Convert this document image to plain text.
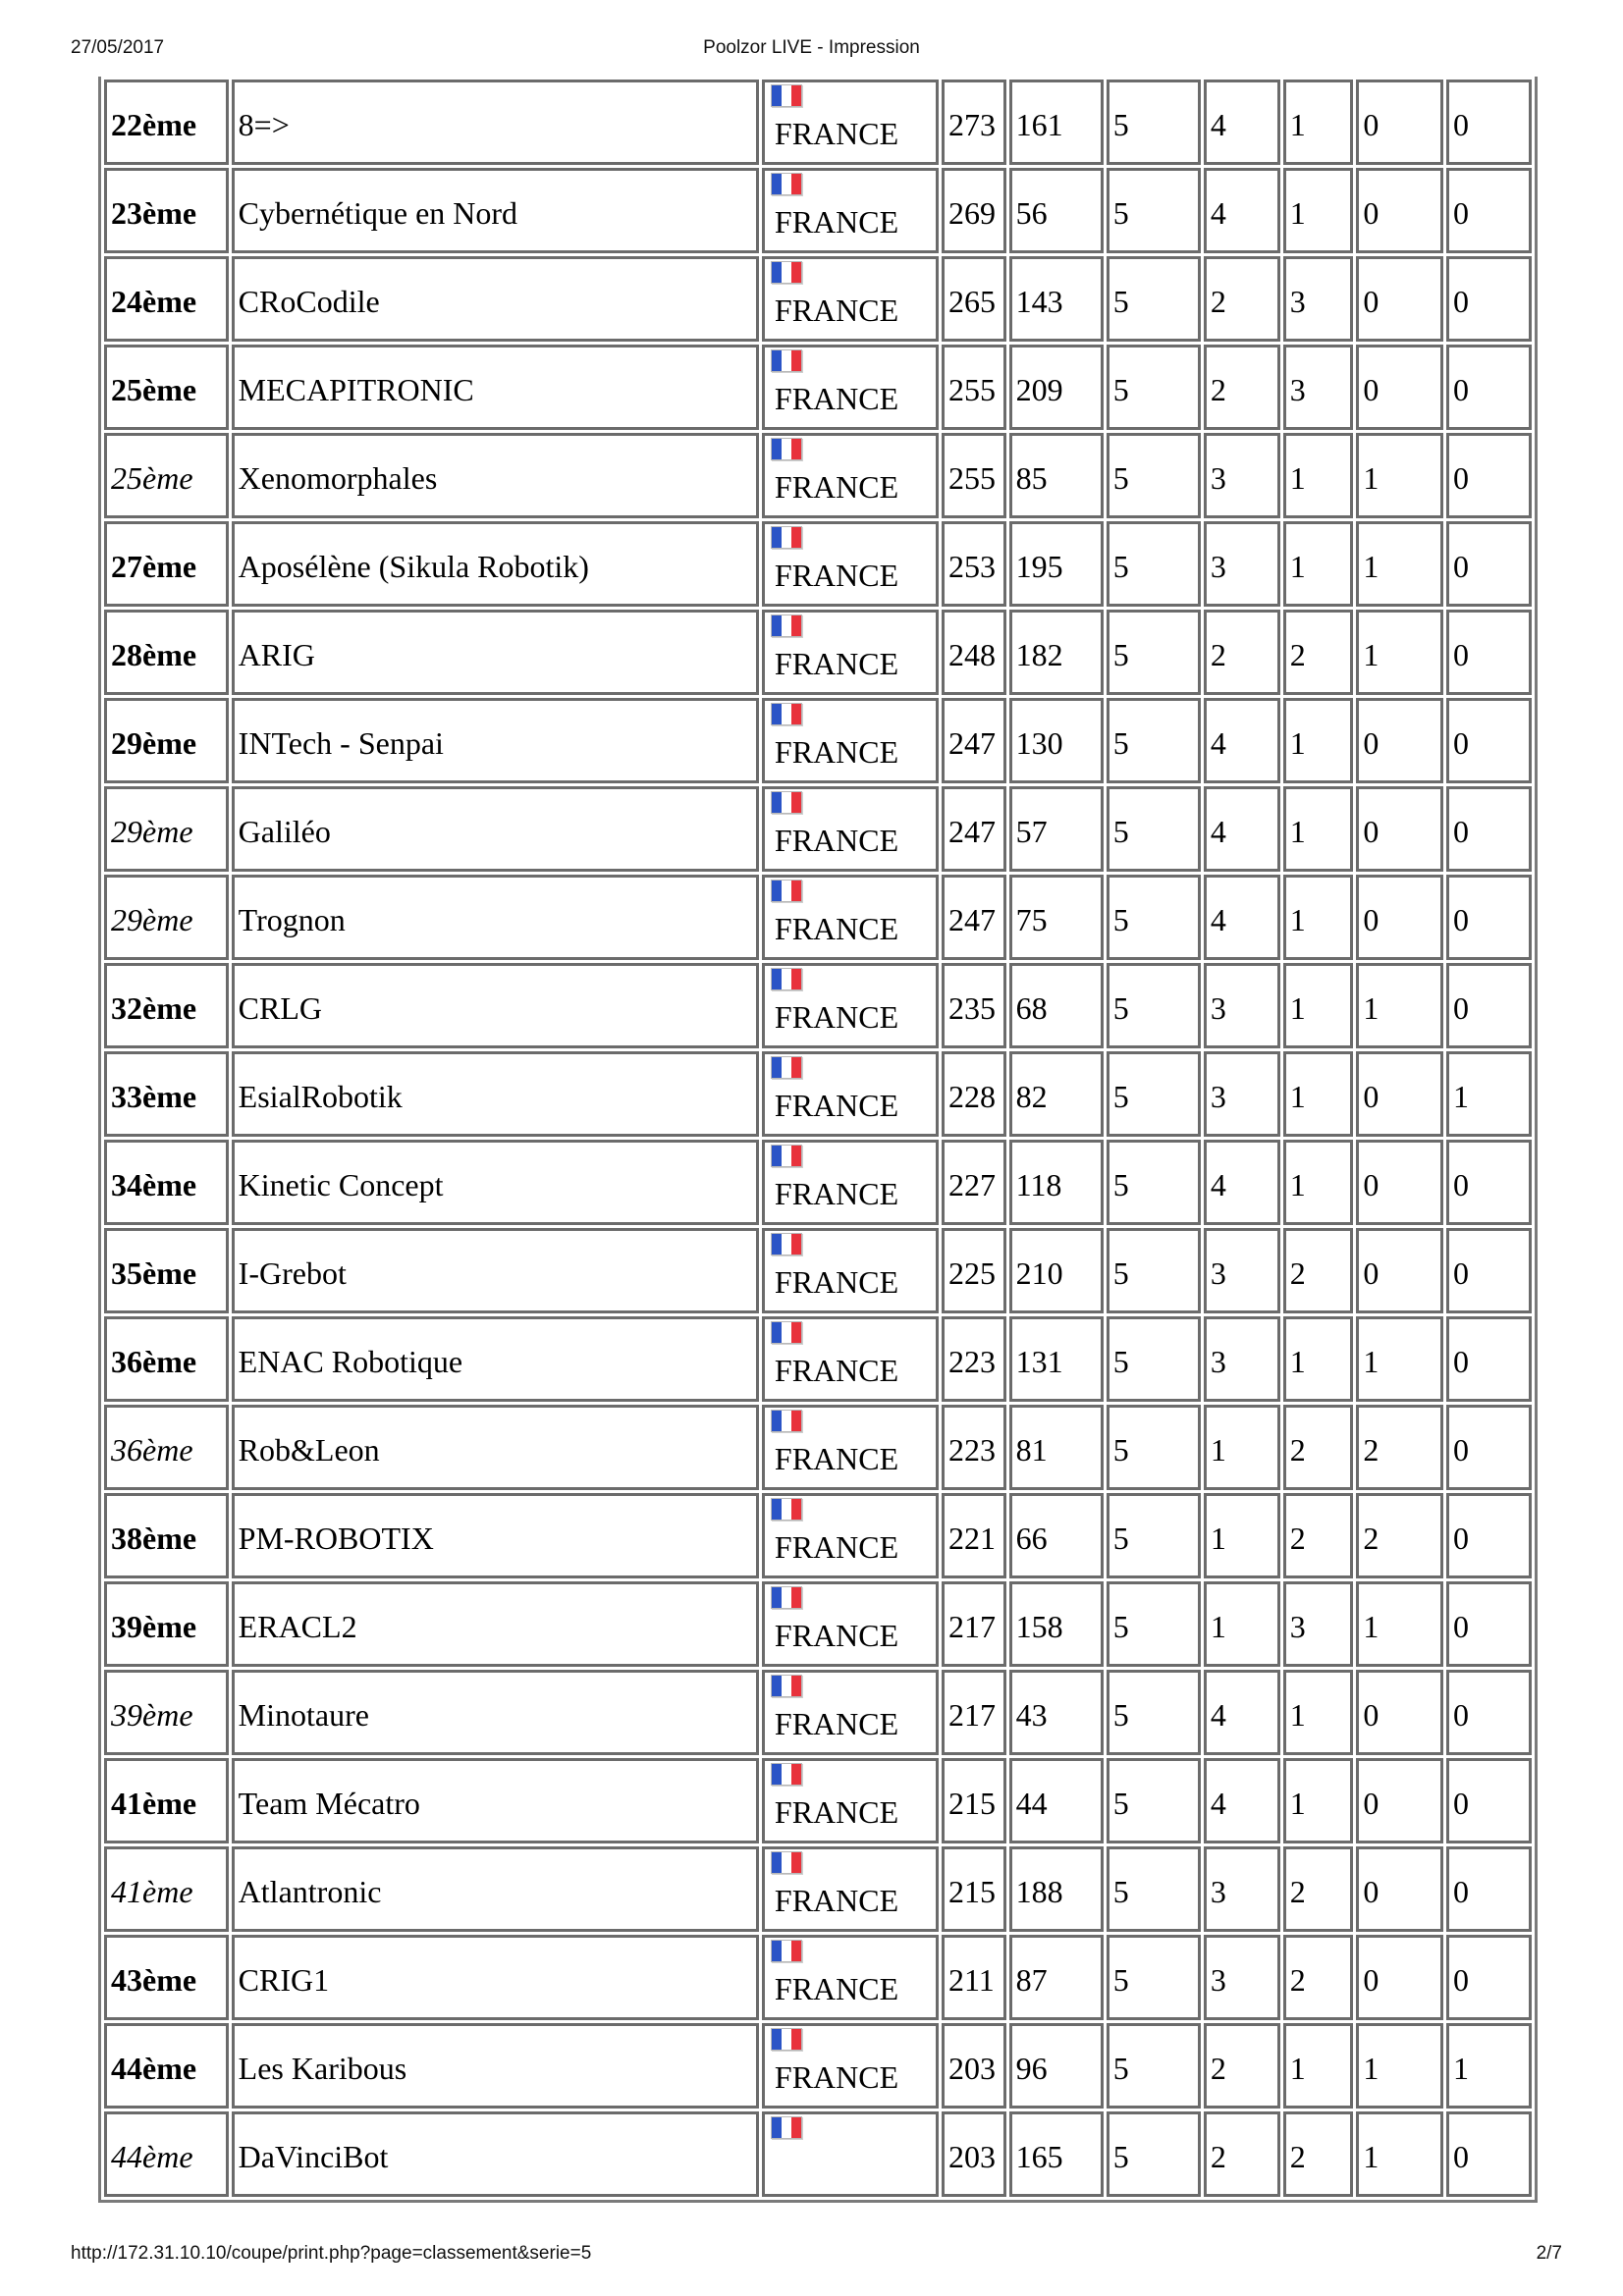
27/05/2017	Poolzor LIVE - Impression
22ème	8=>	FRANCE	273	161	5	4	1	0	0
23ème	Cybernétique en Nord	FRANCE	269	56	5	4	1	0	0
24ème	CRoCodile	FRANCE	265	143	5	2	3	0	0
25ème	MECAPITRONIC	FRANCE	255	209	5	2	3	0	0
25ème	Xenomorphales	FRANCE	255	85	5	3	1	1	0
27ème	Aposélène (Sikula Robotik)	FRANCE	253	195	5	3	1	1	0
28ème	ARIG	FRANCE	248	182	5	2	2	1	0
29ème	INTech - Senpai	FRANCE	247	130	5	4	1	0	0
29ème	Galiléo	FRANCE	247	57	5	4	1	0	0
29ème	Trognon	FRANCE	247	75	5	4	1	0	0
32ème	CRLG	FRANCE	235	68	5	3	1	1	0
33ème	EsialRobotik	FRANCE	228	82	5	3	1	0	1
34ème	Kinetic Concept	FRANCE	227	118	5	4	1	0	0
35ème	I-Grebot	FRANCE	225	210	5	3	2	0	0
36ème	ENAC Robotique	FRANCE	223	131	5	3	1	1	0
36ème	Rob&Leon	FRANCE	223	81	5	1	2	2	0
38ème	PM-ROBOTIX	FRANCE	221	66	5	1	2	2	0
39ème	ERACL2	FRANCE	217	158	5	1	3	1	0
39ème	Minotaure	FRANCE	217	43	5	4	1	0	0
41ème	Team Mécatro	FRANCE	215	44	5	4	1	0	0
41ème	Atlantronic	FRANCE	215	188	5	3	2	0	0
43ème	CRIG1	FRANCE	211	87	5	3	2	0	0
44ème	Les Karibous	FRANCE	203	96	5	2	1	1	1
44ème	DaVinciBot		203	165	5	2	2	1	0
http://172.31.10.10/coupe/print.php?page=classement&serie=5	2/7
